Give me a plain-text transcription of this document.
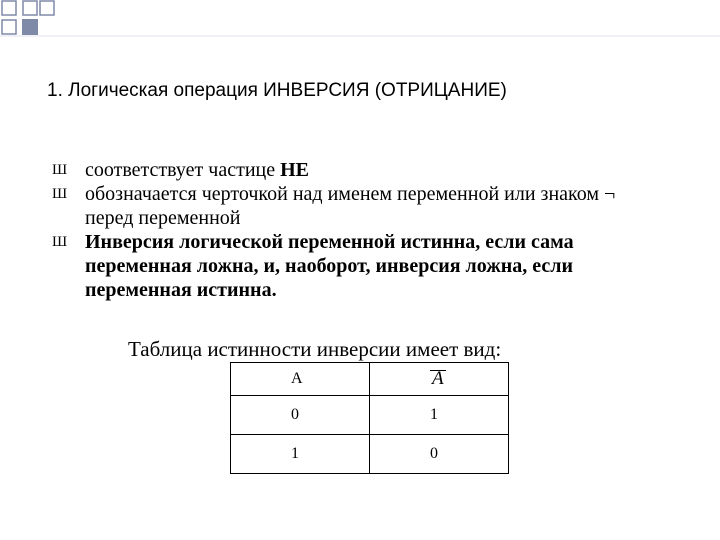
1. Логическая операция ИНВЕРСИЯ (ОТРИЦАНИЕ)
Ш соответствует частице НЕ
Ш обозначается черточкой над именем переменной или знаком ¬ перед переменной
Ш Инверсия логической переменной истинна, если сама переменная ложна, и, наоборот, инверсия ложна, если переменная истинна.
Таблица истинности инверсии имеет вид:
A	A
0	1
1	0
